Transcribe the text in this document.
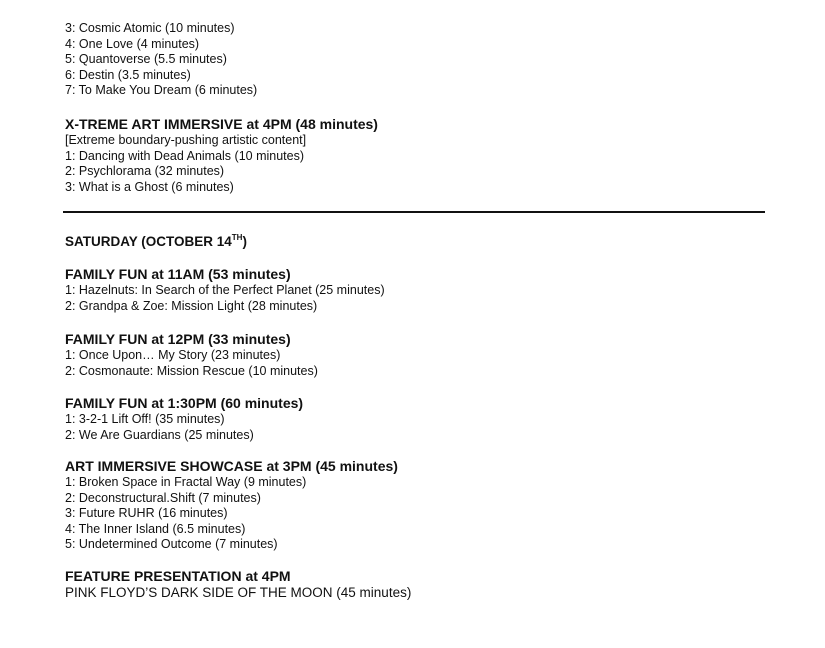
3: Cosmic Atomic (10 minutes)

4: One Love (4 minutes)

5: Quantoverse (5.5 minutes)

6: Destin (3.5 minutes)

7: To Make You Dream (6 minutes)

X-TREME ART IMMERSIVE at 4PM (48 minutes)

[Extreme boundary-pushing artistic content]

1: Dancing with Dead Animals (10 minutes)

2: Psychlorama (32 minutes)

3: What is a Ghost (6 minutes)

SATURDAY (OCTOBER 14TH)

FAMILY FUN at 11AM (53 minutes)

1: Hazelnuts: In Search of the Perfect Planet (25 minutes)

2: Grandpa & Zoe: Mission Light (28 minutes)

FAMILY FUN at 12PM (33 minutes)

1: Once Upon… My Story (23 minutes)

2: Cosmonaute: Mission Rescue (10 minutes)

FAMILY FUN at 1:30PM (60 minutes)

1: 3-2-1 Lift Off! (35 minutes)

2: We Are Guardians (25 minutes)

ART IMMERSIVE SHOWCASE at 3PM (45 minutes)

1: Broken Space in Fractal Way (9 minutes)

2: Deconstructural.Shift (7 minutes)

3: Future RUHR (16 minutes)

4: The Inner Island (6.5 minutes)

5: Undetermined Outcome (7 minutes)

FEATURE PRESENTATION at 4PM

PINK FLOYD’S DARK SIDE OF THE MOON (45 minutes)
